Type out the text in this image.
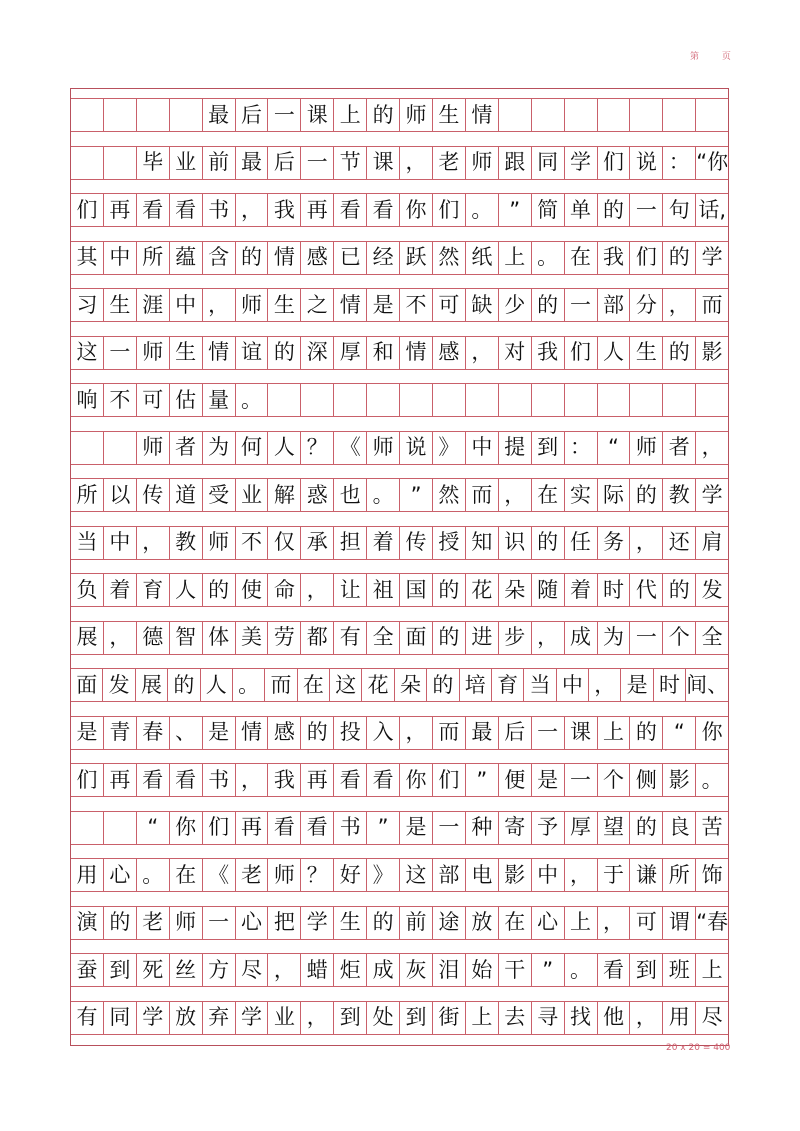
第 页
最 后 一 课 上 的 师 生 情
毕 业 前 最 后 一 节 课 ， 老 师 跟 同 学 们 说 ： “你
们 再 看 看 书 ， 我 再 看 看 你 们 。 ” 简 单 的 一 句 话,
其 中 所 蕴 含 的 情 感 已 经 跃 然 纸 上 。 在 我 们 的 学
习 生 涯 中 ， 师 生 之 情 是 不 可 缺 少 的 一 部 分 ， 而
这 一 师 生 情 谊 的 深 厚 和 情 感 ， 对 我 们 人 生 的 影
响 不 可 估 量 。
师 者 为 何 人 ？ 《 师 说 》 中 提 到 ： “ 师 者 ，
所 以 传 道 受 业 解 惑 也 。 ” 然 而 ， 在 实 际 的 教 学
当 中 ， 教 师 不 仅 承 担 着 传 授 知 识 的 任 务 ， 还 肩
负 着 育 人 的 使 命 ， 让 祖 国 的 花 朵 随 着 时 代 的 发
展 ， 德 智 体 美 劳 都 有 全 面 的 进 步 ， 成 为 一 个 全
面 发 展 的 人 。 而 在 这 花 朵 的 培 育 当 中 ， 是 时 间、
是 青 春 、 是 情 感 的 投 入 ， 而 最 后 一 课 上 的 “ 你
们 再 看 看 书 ， 我 再 看 看 你 们 ” 便 是 一 个 侧 影 。
“ 你 们 再 看 看 书 ” 是 一 种 寄 予 厚 望 的 良 苦
用 心 。 在 《 老 师 ？ 好 》 这 部 电 影 中 ， 于 谦 所 饰
演 的 老 师 一 心 把 学 生 的 前 途 放 在 心 上 ， 可 谓 “春
蚕 到 死 丝 方 尽 ， 蜡 炬 成 灰 泪 始 干 ” 。 看 到 班 上
有 同 学 放 弃 学 业 ， 到 处 到 街 上 去 寻 找 他 ， 用 尽
20 x 20 = 400
